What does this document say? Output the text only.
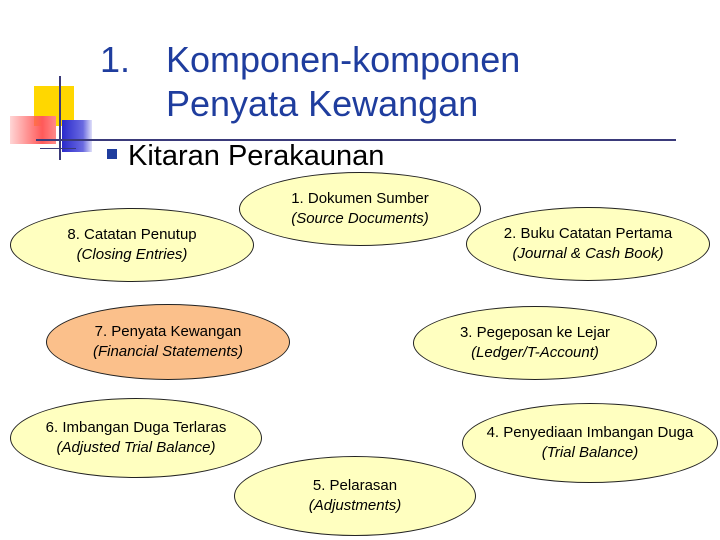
1. Komponen-komponen
Penyata Kewangan
Kitaran Perakaunan
1. Dokumen Sumber
(Source Documents)
2. Buku Catatan Pertama
(Journal & Cash Book)
3. Pegeposan ke Lejar
(Ledger/T-Account)
4. Penyediaan Imbangan Duga
(Trial Balance)
5. Pelarasan
(Adjustments)
6. Imbangan Duga Terlaras
(Adjusted Trial Balance)
7. Penyata Kewangan
(Financial Statements)
8. Catatan Penutup
(Closing Entries)
